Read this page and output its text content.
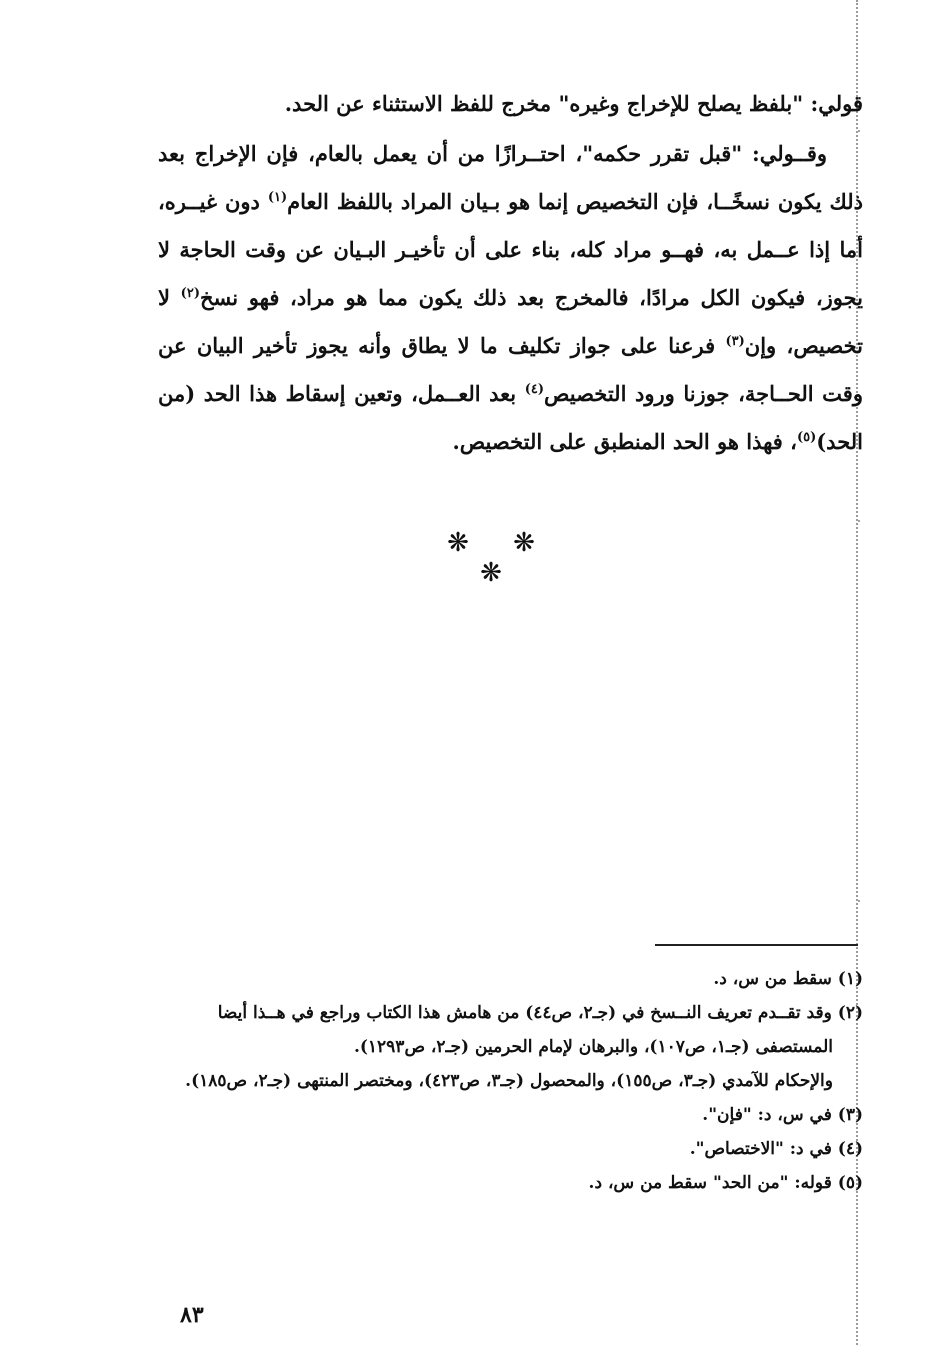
قولي: "بلفظ يصلح للإخراج وغيره" مخرج للفظ الاستثناء عن الحد.

وقــولي: "قبل تقرر حكمه"، احتــرازًا من أن يعمل بالعام، فإن الإخراج بعد ذلك يكون نسخًــا، فإن التخصيص إنما هو بـيان المراد باللفظ العام$^{(١)}$ دون غيــره، أما إذا عــمل به، فهــو مراد كله، بناء على أن تأخيـر البـيان عن وقت الحاجة لا يجوز، فيكون الكل مرادًا، فالمخرج بعد ذلك يكون مما هو مراد، فهو نسخ$^{(٢)}$ لا تخصيص، وإن$^{(٣)}$ فرعنا على جواز تكليف ما لا يطاق وأنه يجوز تأخير البيان عن وقت الحــاجة، جوزنا ورود التخصيص$^{(٤)}$ بعد العــمل، وتعين إسقاط هذا الحد (من الحد)$^{(٥)}$، فهذا هو الحد المنطبق على التخصيص.

❋ ❋ ❋
(١) سقط من س، د.
(٢) وقد تقــدم تعريف النــسخ في (جـ٢، ص٤٤) من هامش هذا الكتاب وراجع في هــذا أيضا
المستصفى (جـ١، ص١٠٧)، والبرهان لإمام الحرمين (جـ٢، ص١٢٩٣).
والإحكام للآمدي (جـ٣، ص١٥٥)، والمحصول (جـ٣، ص٤٢٣)، ومختصر المنتهى (جـ٢، ص١٨٥).
(٣) في س، د: "فإن".
(٤) في د: "الاختصاص".
(٥) قوله: "من الحد" سقط من س، د.
٨٣
